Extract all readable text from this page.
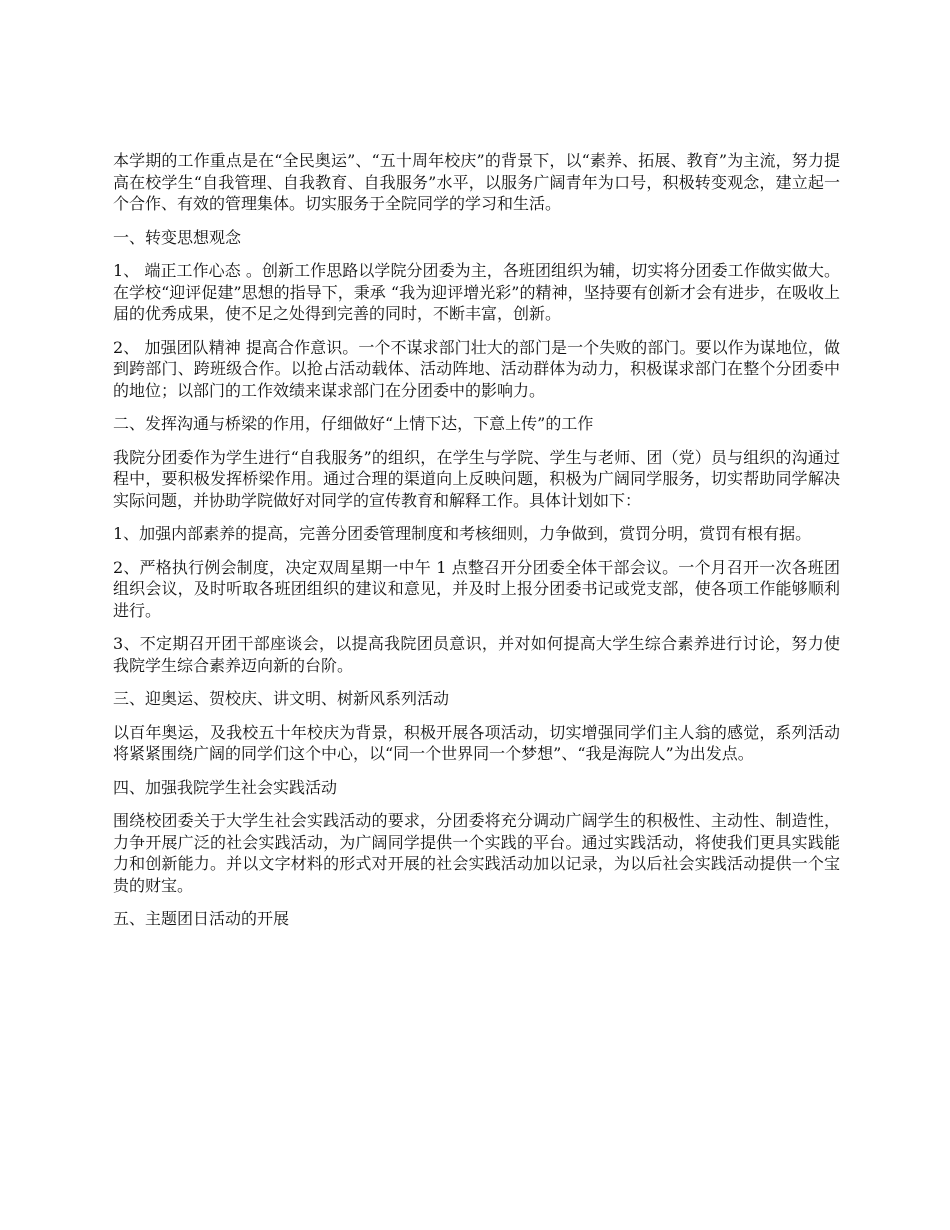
本学期的工作重点是在“全民奥运”、“五十周年校庆”的背景下，以“素养、拓展、教育”为主流，努力提高在校学生“自我管理、自我教育、自我服务”水平，以服务广阔青年为口号，积极转变观念，建立起一个合作、有效的管理集体。切实服务于全院同学的学习和生活。

一、转变思想观念

1、 端正工作心态 。创新工作思路以学院分团委为主，各班团组织为辅，切实将分团委工作做实做大。在学校“迎评促建”思想的指导下，秉承 “我为迎评增光彩”的精神，坚持要有创新才会有进步，在吸收上届的优秀成果，使不足之处得到完善的同时，不断丰富，创新。

2、 加强团队精神 提高合作意识。一个不谋求部门壮大的部门是一个失败的部门。要以作为谋地位，做到跨部门、跨班级合作。以抢占活动载体、活动阵地、活动群体为动力，积极谋求部门在整个分团委中的地位；以部门的工作效绩来谋求部门在分团委中的影响力。

二、发挥沟通与桥梁的作用，仔细做好“上情下达，下意上传”的工作

我院分团委作为学生进行“自我服务”的组织，在学生与学院、学生与老师、团（党）员与组织的沟通过程中，要积极发挥桥梁作用。通过合理的渠道向上反映问题，积极为广阔同学服务，切实帮助同学解决实际问题，并协助学院做好对同学的宣传教育和解释工作。具体计划如下：

1、加强内部素养的提高，完善分团委管理制度和考核细则，力争做到，赏罚分明，赏罚有根有据。

2、严格执行例会制度，决定双周星期一中午 1 点整召开分团委全体干部会议。一个月召开一次各班团组织会议，及时听取各班团组织的建议和意见，并及时上报分团委书记或党支部，使各项工作能够顺利进行。

3、不定期召开团干部座谈会，以提高我院团员意识，并对如何提高大学生综合素养进行讨论，努力使我院学生综合素养迈向新的台阶。

三、迎奥运、贺校庆、讲文明、树新风系列活动

以百年奥运，及我校五十年校庆为背景，积极开展各项活动，切实增强同学们主人翁的感觉，系列活动将紧紧围绕广阔的同学们这个中心，以“同一个世界同一个梦想”、“我是海院人”为出发点。

四、加强我院学生社会实践活动

围绕校团委关于大学生社会实践活动的要求，分团委将充分调动广阔学生的积极性、主动性、制造性，力争开展广泛的社会实践活动，为广阔同学提供一个实践的平台。通过实践活动，将使我们更具实践能力和创新能力。并以文字材料的形式对开展的社会实践活动加以记录，为以后社会实践活动提供一个宝贵的财宝。

五、主题团日活动的开展
